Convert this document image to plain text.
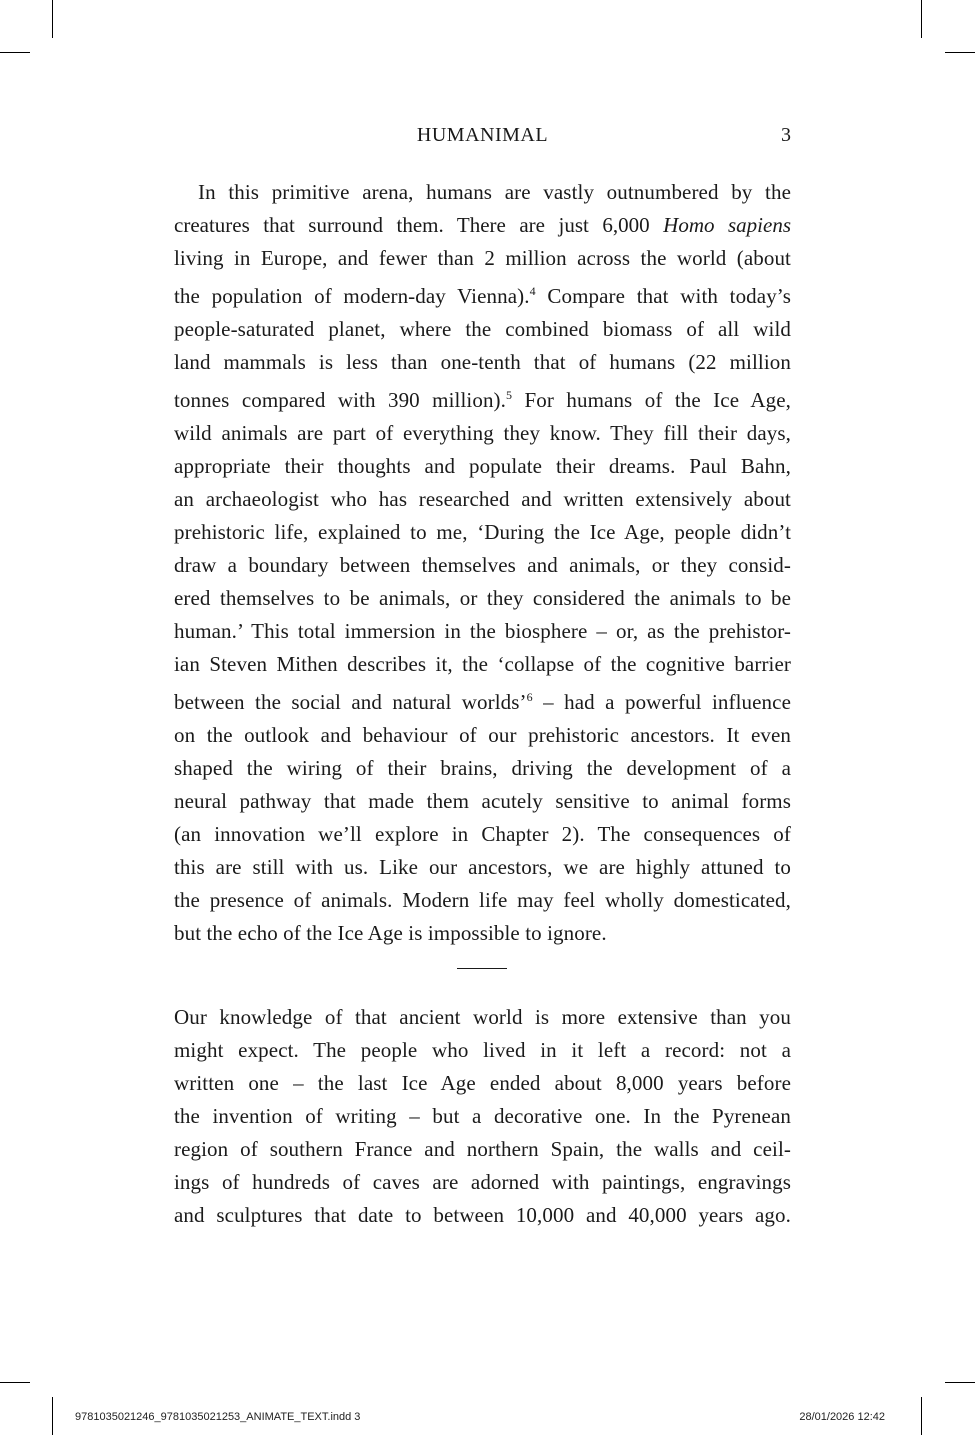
HUMANIMAL	3
In this primitive arena, humans are vastly outnumbered by the
creatures that surround them. There are just 6,000 Homo sapiens
living in Europe, and fewer than 2 million across the world (about
the population of modern-day Vienna).$^4$ Compare that with today’s
people-saturated planet, where the combined biomass of all wild
land mammals is less than one-tenth that of humans (22 million
tonnes compared with 390 million).$^5$ For humans of the Ice Age,
wild animals are part of everything they know. They fill their days,
appropriate their thoughts and populate their dreams. Paul Bahn,
an archaeologist who has researched and written extensively about
prehistoric life, explained to me, ‘During the Ice Age, people didn’t
draw a boundary between themselves and animals, or they consid-
ered themselves to be animals, or they considered the animals to be
human.’ This total immersion in the biosphere – or, as the prehistor-
ian Steven Mithen describes it, the ‘collapse of the cognitive barrier
between the social and natural worlds’$^6$ – had a powerful influence
on the outlook and behaviour of our prehistoric ancestors. It even
shaped the wiring of their brains, driving the development of a
neural pathway that made them acutely sensitive to animal forms
(an innovation we’ll explore in Chapter 2). The consequences of
this are still with us. Like our ancestors, we are highly attuned to
the presence of animals. Modern life may feel wholly domesticated,
but the echo of the Ice Age is impossible to ignore.
Our knowledge of that ancient world is more extensive than you
might expect. The people who lived in it left a record: not a
written one – the last Ice Age ended about 8,000 years before
the invention of writing – but a decorative one. In the Pyrenean
region of southern France and northern Spain, the walls and ceil-
ings of hundreds of caves are adorned with paintings, engravings
and sculptures that date to between 10,000 and 40,000 years ago.
9781035021246_9781035021253_ANIMATE_TEXT.indd 3	28/01/2026 12:42
